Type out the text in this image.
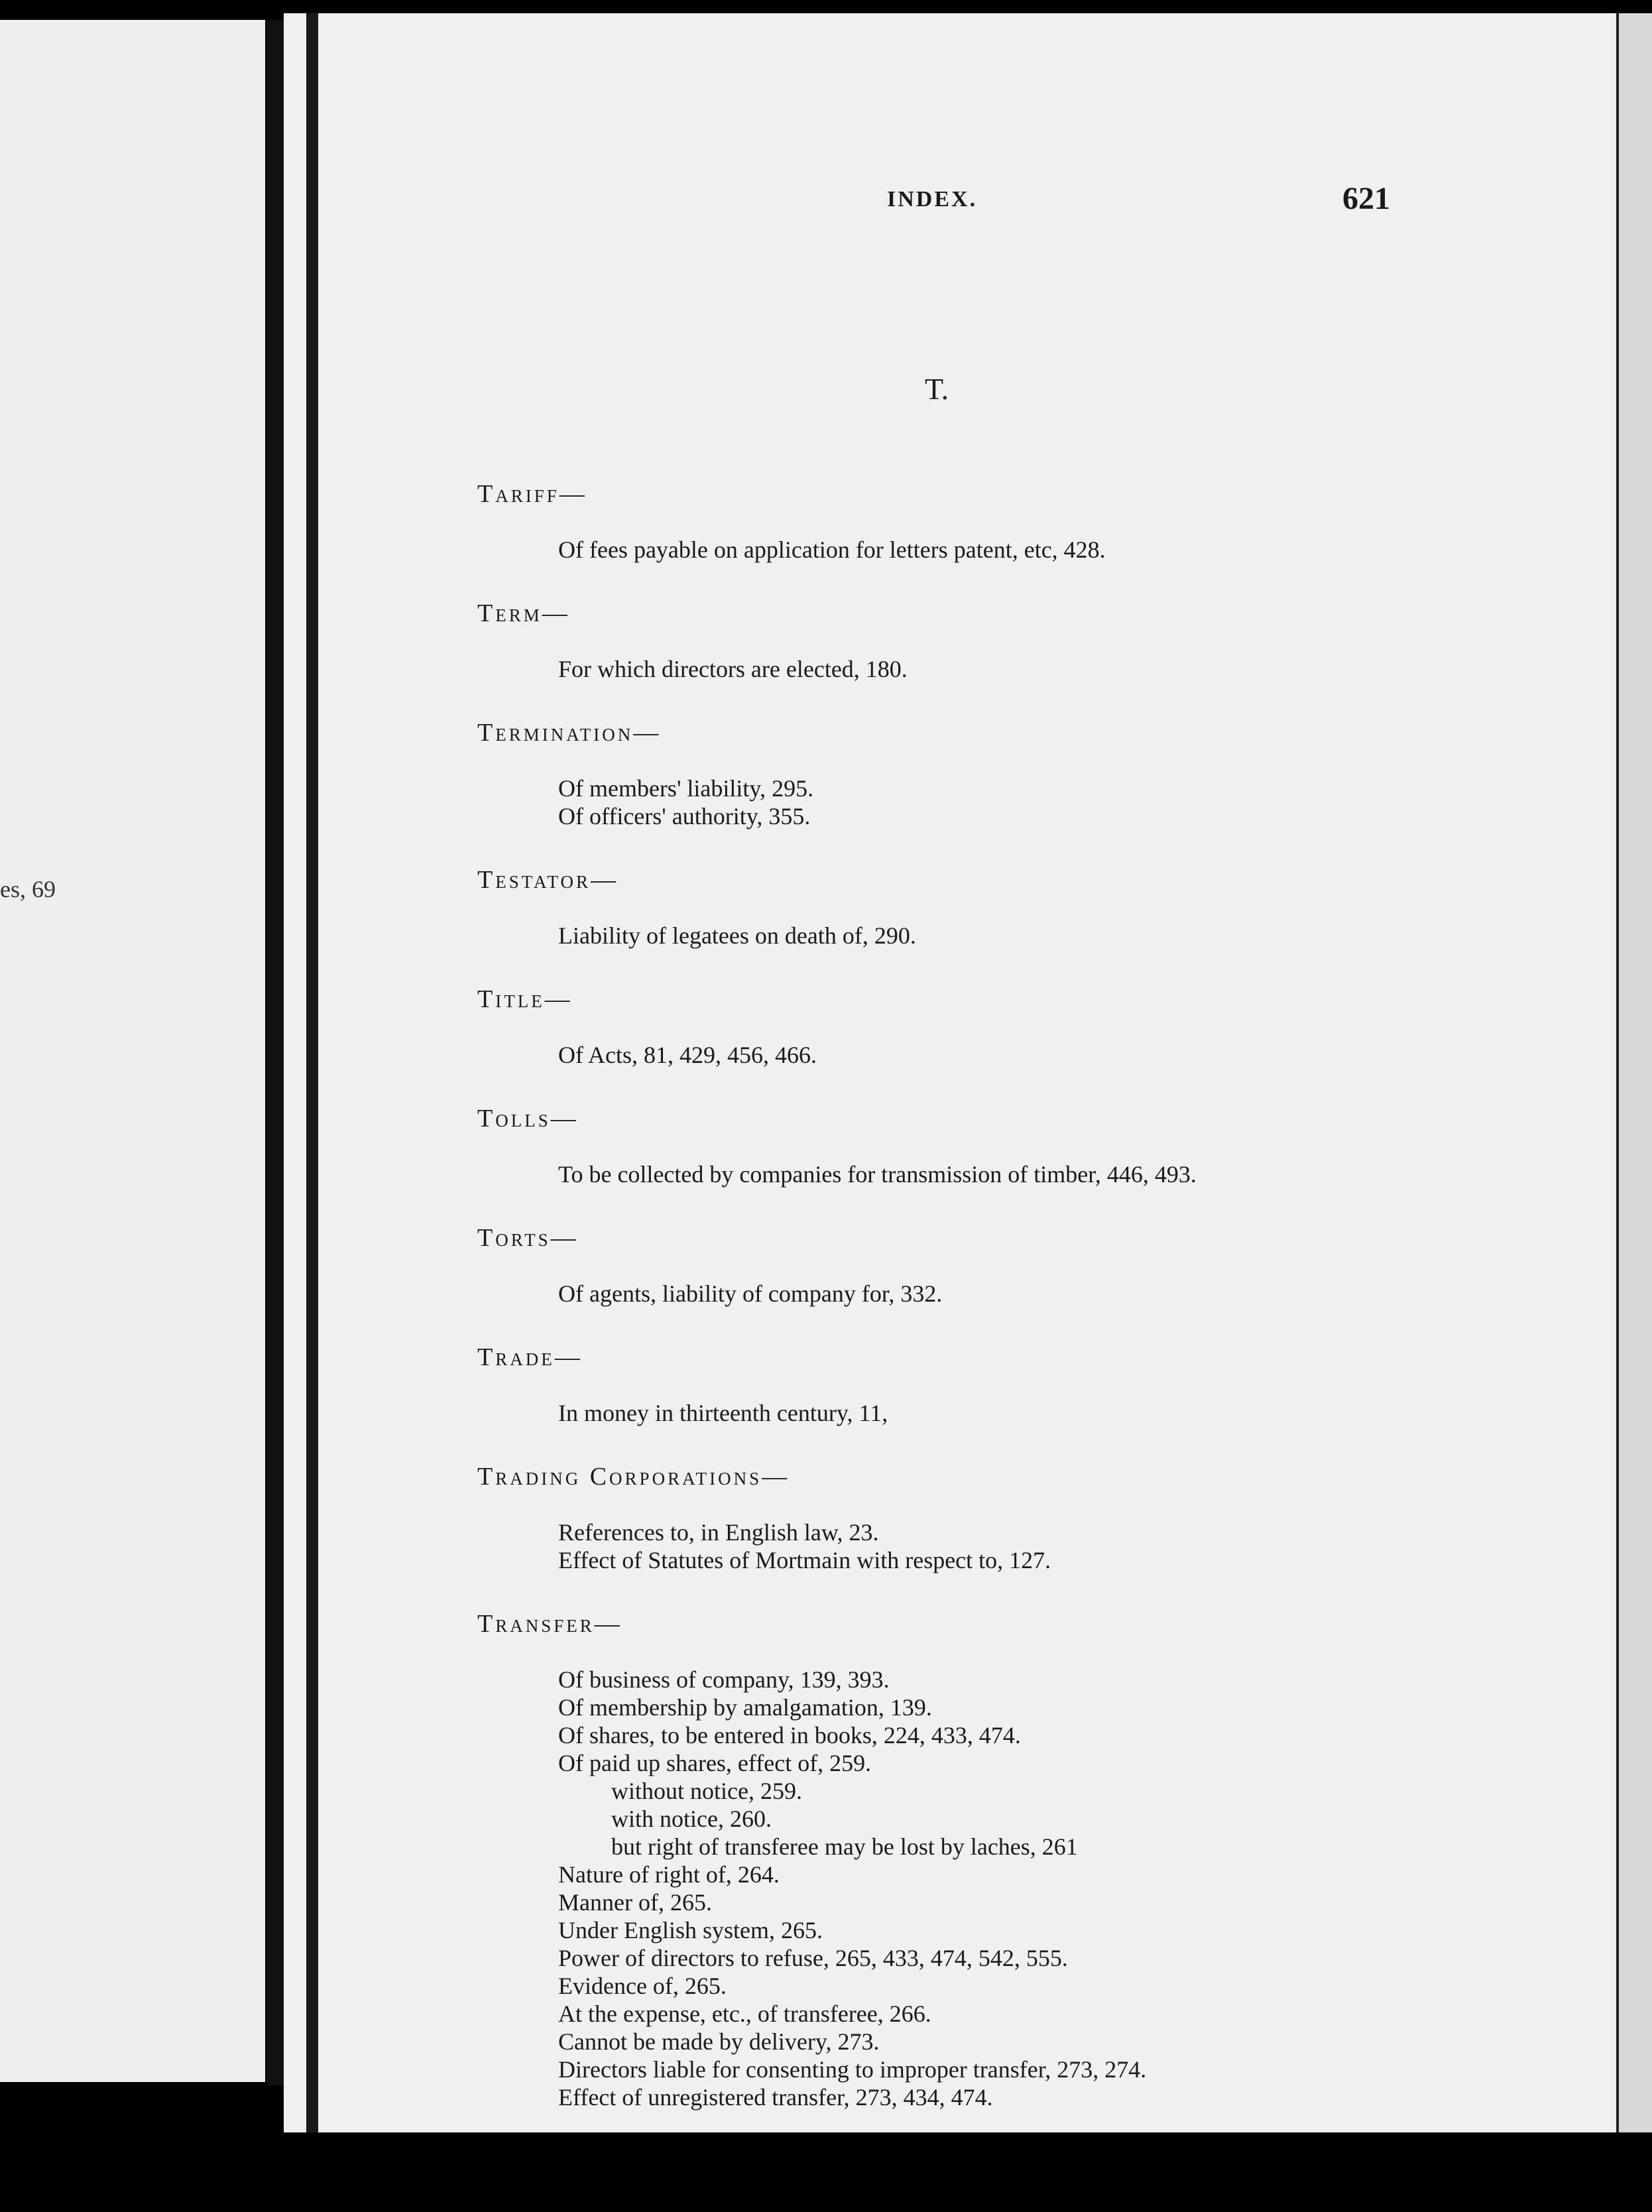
es, 69
INDEX.	621
T.
Tariff—
Of fees payable on application for letters patent, etc, 428.
Term—
For which directors are elected, 180.
Termination—
Of members' liability, 295.
Of officers' authority, 355.
Testator—
Liability of legatees on death of, 290.
Title—
Of Acts, 81, 429, 456, 466.
Tolls—
To be collected by companies for transmission of timber, 446, 493.
Torts—
Of agents, liability of company for, 332.
Trade—
In money in thirteenth century, 11,
Trading Corporations—
References to, in English law, 23.
Effect of Statutes of Mortmain with respect to, 127.
Transfer—
Of business of company, 139, 393.
Of membership by amalgamation, 139.
Of shares, to be entered in books, 224, 433, 474.
Of paid up shares, effect of, 259.
without notice, 259.
with notice, 260.
but right of transferee may be lost by laches, 261
Nature of right of, 264.
Manner of, 265.
Under English system, 265.
Power of directors to refuse, 265, 433, 474, 542, 555.
Evidence of, 265.
At the expense, etc., of transferee, 266.
Cannot be made by delivery, 273.
Directors liable for consenting to improper transfer, 273, 274.
Effect of unregistered transfer, 273, 434, 474.
